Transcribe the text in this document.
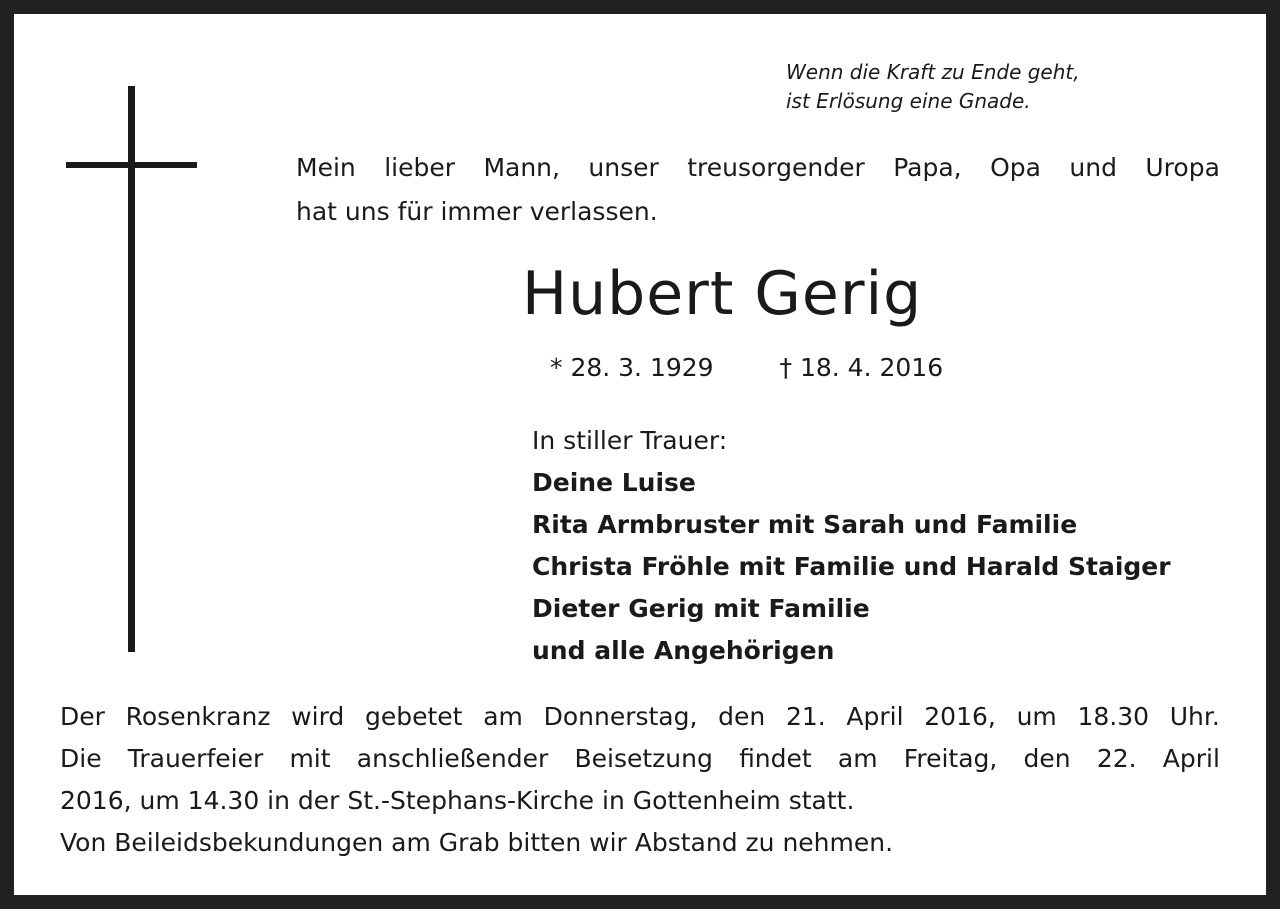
Wenn die Kraft zu Ende geht,
ist Erlösung eine Gnade.
Mein lieber Mann, unser treusorgender Papa, Opa und Uropa
hat uns für immer verlassen.
Hubert Gerig
* 28. 3. 1929	† 18. 4. 2016
In stiller Trauer:
Deine Luise
Rita Armbruster mit Sarah und Familie
Christa Fröhle mit Familie und Harald Staiger
Dieter Gerig mit Familie
und alle Angehörigen
Der Rosenkranz wird gebetet am Donnerstag, den 21. April 2016, um 18.30 Uhr.
Die Trauerfeier mit anschließender Beisetzung findet am Freitag, den 22. April
2016, um 14.30 in der St.-Stephans-Kirche in Gottenheim statt.
Von Beileidsbekundungen am Grab bitten wir Abstand zu nehmen.
